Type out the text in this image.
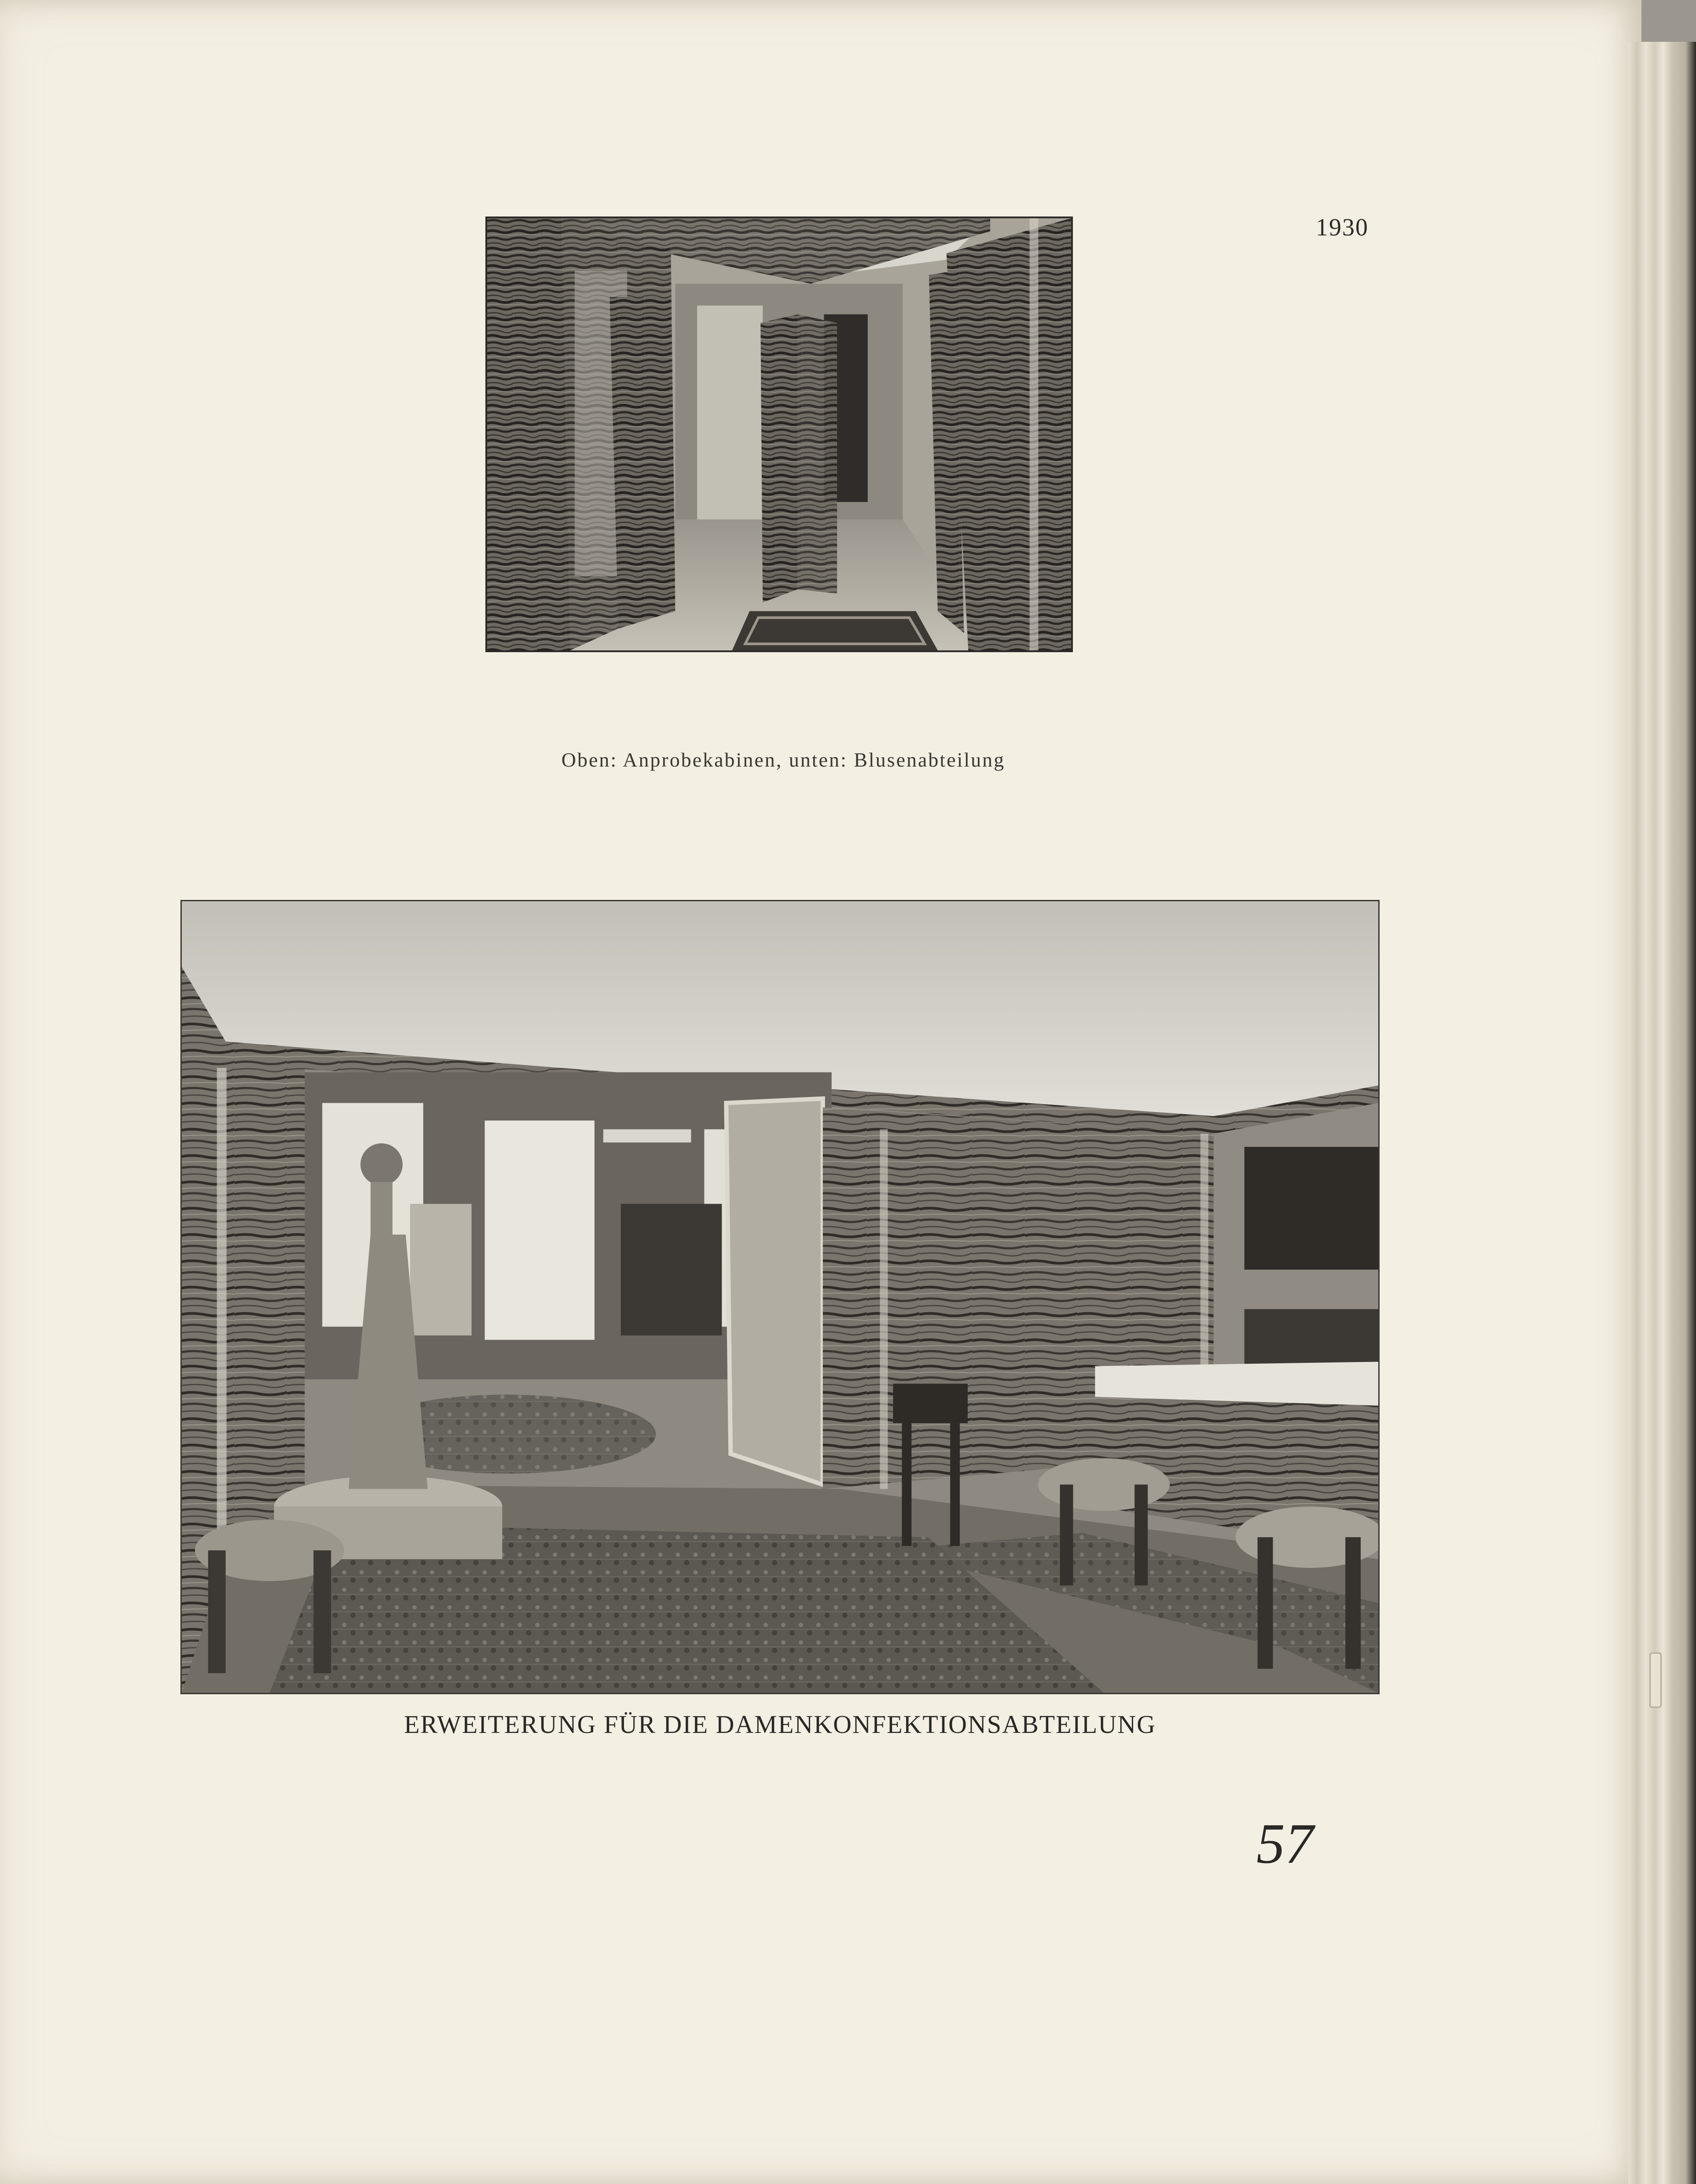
1930
Oben: Anprobekabinen, unten: Blusenabteilung
ERWEITERUNG FÜR DIE DAMENKONFEKTIONSABTEILUNG
57
